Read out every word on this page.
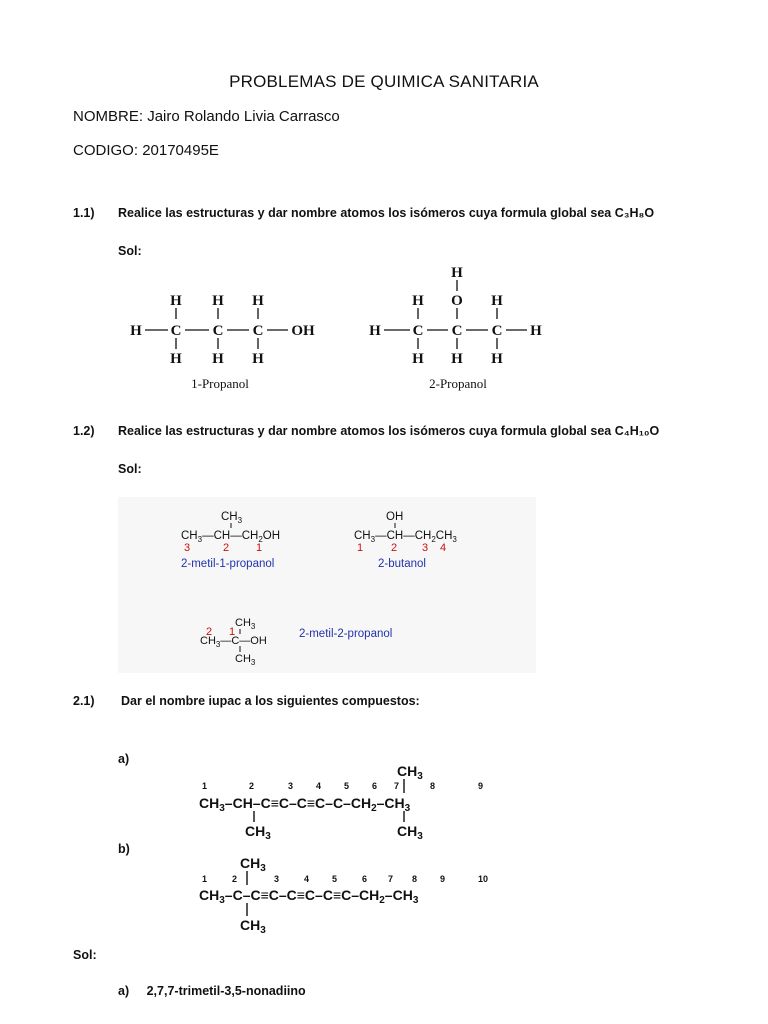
PROBLEMAS DE QUIMICA SANITARIA
NOMBRE: Jairo Rolando Livia Carrasco
CODIGO: 20170495E
1.1) Realice las estructuras y dar nombre atomos los isómeros cuya formula global sea C₃H₈O
Sol:
H H H
H C C C OH
H H H
1-Propanol
H
H O H
H C C C H
H H H
2-Propanol
1.2) Realice las estructuras y dar nombre atomos los isómeros cuya formula global sea C₄H₁₀O
Sol:
$CH_3$
$CH_3—CH—CH_2OH$
3	2 1
2-metil-1-propanol
OH
$CH_3—CH—CH_2CH_3$
1	2 3 4
2-butanol
$CH_3$
$CH_3—C—OH$
$CH_3$
2 1	2-metil-2-propanol
2.1) Dar el nombre iupac a los siguientes compuestos:
a)
1	2	3	4	5	6 7	8	9
$CH_3$
$CH_3-CH-C\equiv C-C\equiv C-C-CH_2-CH_3$
$CH_3$	$CH_3$
b)
1	2	3	4	5	6 7 8	9	10
$CH_3$
$CH_3-C-C\equiv C-C\equiv C-C\equiv C-CH_2-CH_3$
$CH_3$
Sol:
a) 2,7,7-trimetil-3,5-nonadiino
